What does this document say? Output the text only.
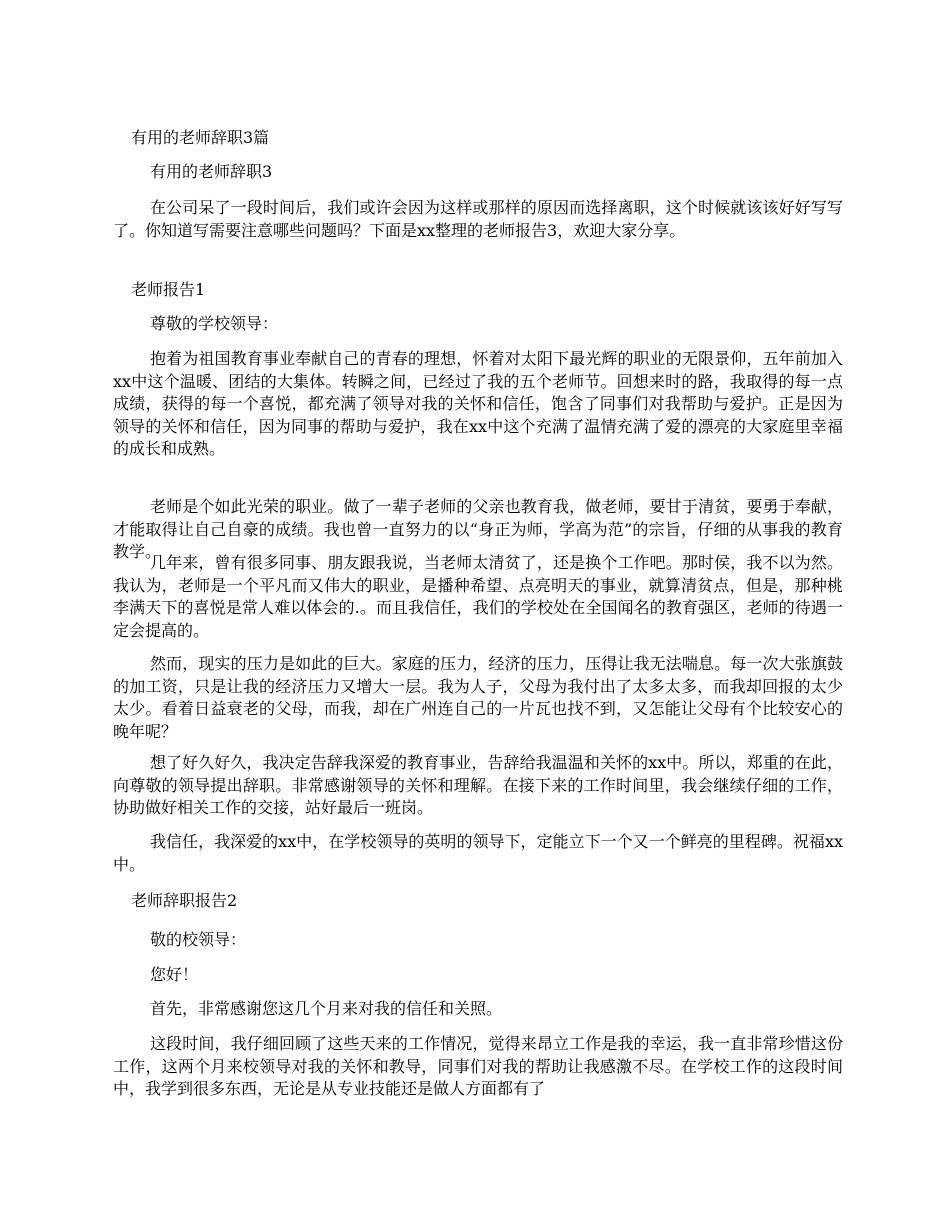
有用的老师辞职3篇

有用的老师辞职3

在公司呆了一段时间后，我们或许会因为这样或那样的原因而选择离职，这个时候就该该好好写写了。你知道写需要注意哪些问题吗？下面是xx整理的老师报告3，欢迎大家分享。

老师报告1

尊敬的学校领导：

抱着为祖国教育事业奉献自己的青春的理想，怀着对太阳下最光辉的职业的无限景仰，五年前加入xx中这个温暖、团结的大集体。转瞬之间，已经过了我的五个老师节。回想来时的路，我取得的每一点成绩，获得的每一个喜悦，都充满了领导对我的关怀和信任，饱含了同事们对我帮助与爱护。正是因为领导的关怀和信任，因为同事的帮助与爱护，我在xx中这个充满了温情充满了爱的漂亮的大家庭里幸福的成长和成熟。

老师是个如此光荣的职业。做了一辈子老师的父亲也教育我，做老师，要甘于清贫，要勇于奉献，才能取得让自己自豪的成绩。我也曾一直努力的以“身正为师，学高为范”的宗旨，仔细的从事我的教育教学。

几年来，曾有很多同事、朋友跟我说，当老师太清贫了，还是换个工作吧。那时侯，我不以为然。我认为，老师是一个平凡而又伟大的职业，是播种希望、点亮明天的事业，就算清贫点，但是，那种桃李满天下的喜悦是常人难以体会的.。而且我信任，我们的学校处在全国闻名的教育强区，老师的待遇一定会提高的。

然而，现实的压力是如此的巨大。家庭的压力，经济的压力，压得让我无法喘息。每一次大张旗鼓的加工资，只是让我的经济压力又增大一层。我为人子，父母为我付出了太多太多，而我却回报的太少太少。看着日益衰老的父母，而我，却在广州连自己的一片瓦也找不到，又怎能让父母有个比较安心的晚年呢？

想了好久好久，我决定告辞我深爱的教育事业，告辞给我温温和关怀的xx中。所以，郑重的在此，向尊敬的领导提出辞职。非常感谢领导的关怀和理解。在接下来的工作时间里，我会继续仔细的工作，协助做好相关工作的交接，站好最后一班岗。

我信任，我深爱的xx中，在学校领导的英明的领导下，定能立下一个又一个鲜亮的里程碑。祝福xx中。

老师辞职报告2

敬的校领导：

您好！

首先，非常感谢您这几个月来对我的信任和关照。

这段时间，我仔细回顾了这些天来的工作情况，觉得来昂立工作是我的幸运，我一直非常珍惜这份工作，这两个月来校领导对我的关怀和教导，同事们对我的帮助让我感激不尽。在学校工作的这段时间中，我学到很多东西，无论是从专业技能还是做人方面都有了
